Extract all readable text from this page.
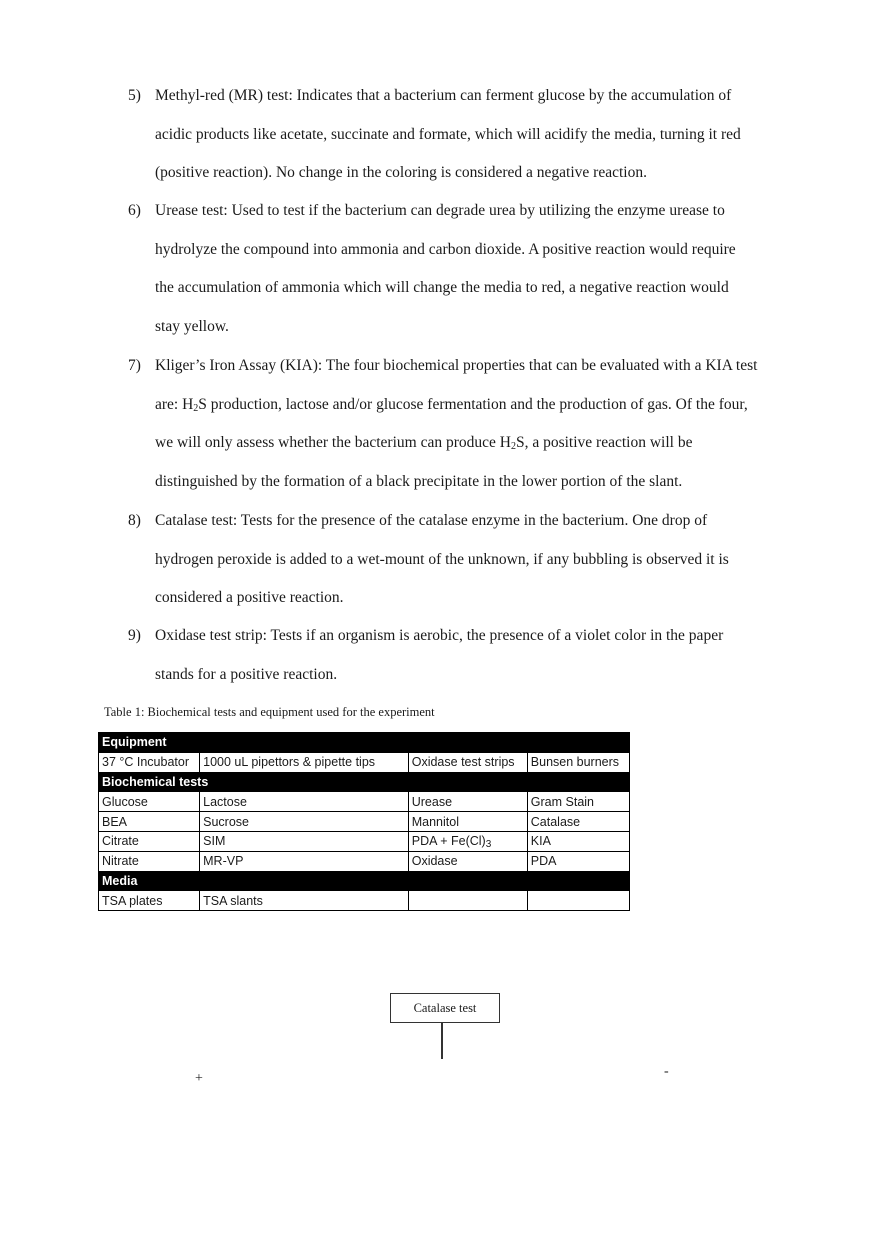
5) Methyl-red (MR) test: Indicates that a bacterium can ferment glucose by the accumulation of
acidic products like acetate, succinate and formate, which will acidify the media, turning it red
(positive reaction). No change in the coloring is considered a negative reaction.
6) Urease test: Used to test if the bacterium can degrade urea by utilizing the enzyme urease to
hydrolyze the compound into ammonia and carbon dioxide. A positive reaction would require
the accumulation of ammonia which will change the media to red, a negative reaction would
stay yellow.
7) Kliger’s Iron Assay (KIA): The four biochemical properties that can be evaluated with a KIA test
are: $H_2S$ production, lactose and/or glucose fermentation and the production of gas. Of the four,
we will only assess whether the bacterium can produce $H_2S$, a positive reaction will be
distinguished by the formation of a black precipitate in the lower portion of the slant.
8) Catalase test: Tests for the presence of the catalase enzyme in the bacterium. One drop of
hydrogen peroxide is added to a wet-mount of the unknown, if any bubbling is observed it is
considered a positive reaction.
9) Oxidase test strip: Tests if an organism is aerobic, the presence of a violet color in the paper
stands for a positive reaction.
Table 1: Biochemical tests and equipment used for the experiment
Equipment			
37 °C Incubator	1000 uL pipettors & pipette tips	Oxidase test strips	Bunsen burners
Biochemical tests			
Glucose	Lactose	Urease	Gram Stain
BEA	Sucrose	Mannitol	Catalase
Citrate	SIM	PDA + $Fe(Cl)_3$	KIA
Nitrate	MR-VP	Oxidase	PDA
Media			
TSA plates	TSA slants		
Catalase test
+	-
